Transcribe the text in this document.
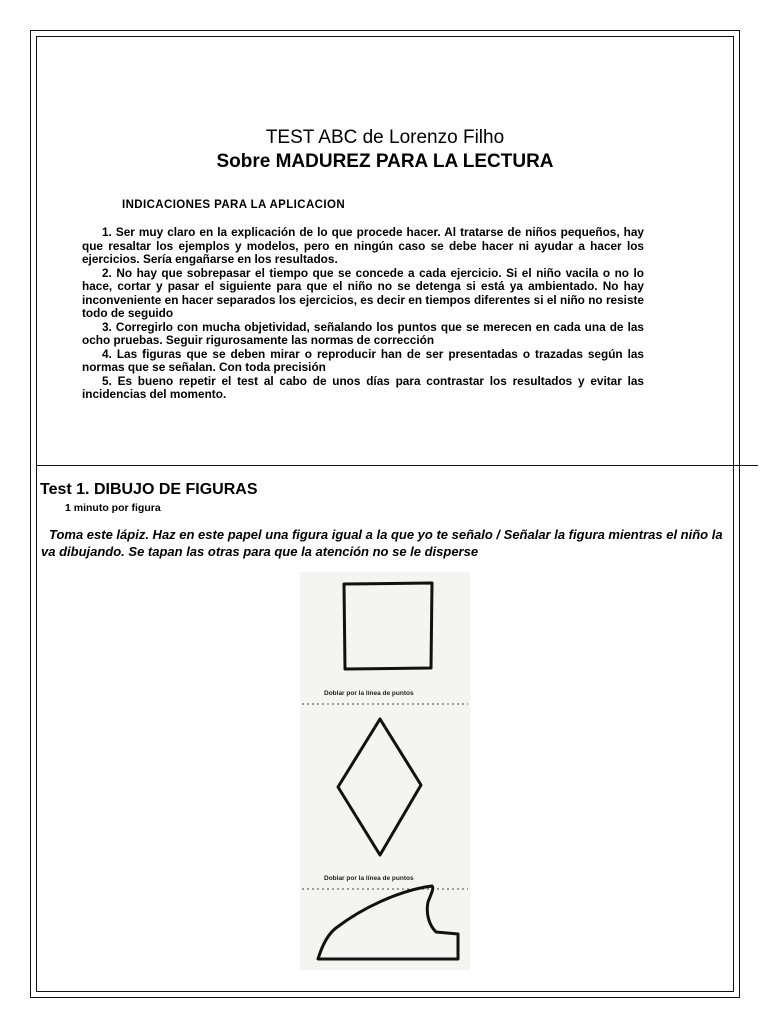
TEST ABC de Lorenzo Filho
Sobre MADUREZ PARA LA LECTURA
INDICACIONES PARA LA APLICACION

1. Ser muy claro en la explicación de lo que procede hacer. Al tratarse de niños pequeños, hay que resaltar los ejemplos y modelos, pero en ningún caso se debe hacer ni ayudar a hacer los ejercicios. Sería engañarse en los resultados.

2. No hay que sobrepasar el tiempo que se concede a cada ejercicio. Si el niño vacila o no lo hace, cortar y pasar el siguiente para que el niño no se detenga si está ya ambientado. No hay inconveniente en hacer separados los ejercicios, es decir en tiempos diferentes si el niño no resiste todo de seguido

3. Corregirlo con mucha objetividad, señalando los puntos que se merecen en cada una de las ocho pruebas. Seguir rigurosamente las normas de corrección

4. Las figuras que se deben mirar o reproducir han de ser presentadas o trazadas según las normas que se señalan. Con toda precisión

5. Es bueno repetir el test al cabo de unos días para contrastar los resultados y evitar las incidencias del momento.

Test 1. DIBUJO DE FIGURAS
1 minuto por figura
Toma este lápiz. Haz en este papel una figura igual a la que yo te señalo / Señalar la figura mientras el niño la va dibujando. Se tapan las otras para que la atención no se le disperse
Doblar por la línea de puntos
Doblar por la línea de puntos
